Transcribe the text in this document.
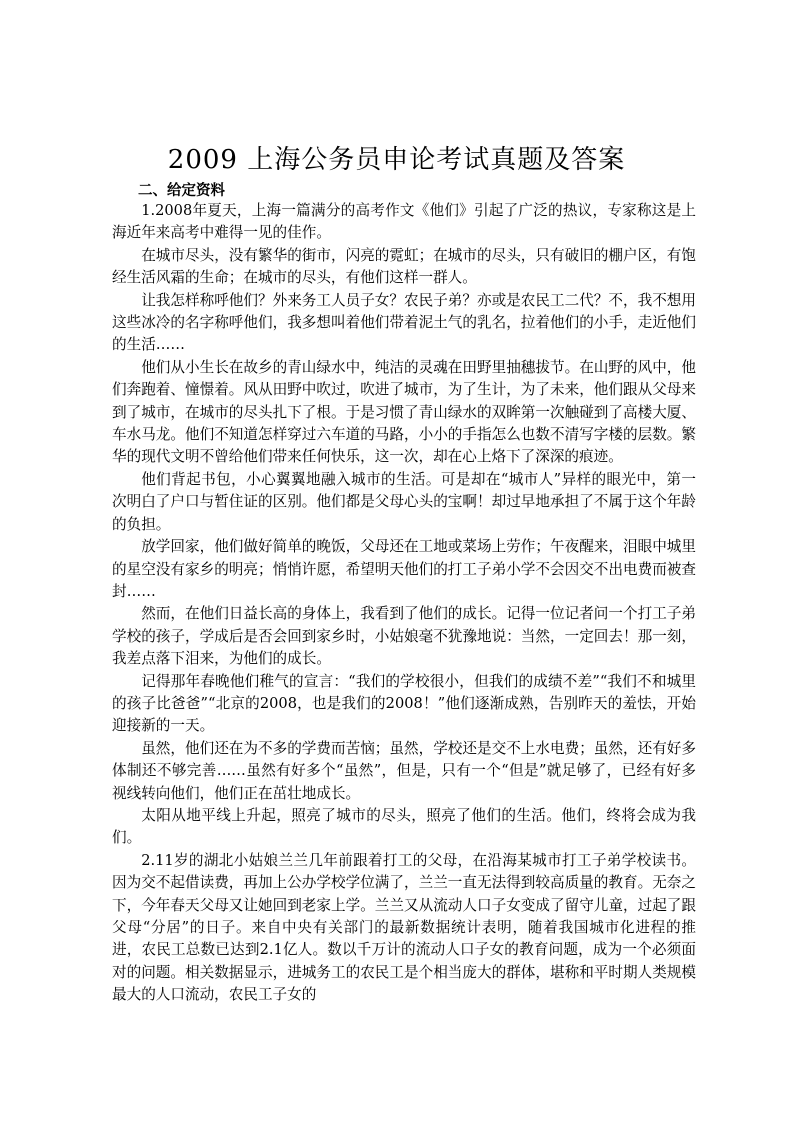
2009 上海公务员申论考试真题及答案
二、给定资料

1.2008年夏天，上海一篇满分的高考作文《他们》引起了广泛的热议，专家称这是上海近年来高考中难得一见的佳作。

在城市尽头，没有繁华的街市，闪亮的霓虹；在城市的尽头，只有破旧的棚户区，有饱经生活风霜的生命；在城市的尽头，有他们这样一群人。

让我怎样称呼他们？外来务工人员子女？农民子弟？亦或是农民工二代？不，我不想用这些冰冷的名字称呼他们，我多想叫着他们带着泥土气的乳名，拉着他们的小手，走近他们的生活……

他们从小生长在故乡的青山绿水中，纯洁的灵魂在田野里抽穗拔节。在山野的风中，他们奔跑着、憧憬着。风从田野中吹过，吹进了城市，为了生计，为了未来，他们跟从父母来到了城市，在城市的尽头扎下了根。于是习惯了青山绿水的双眸第一次触碰到了高楼大厦、车水马龙。他们不知道怎样穿过六车道的马路，小小的手指怎么也数不清写字楼的层数。繁华的现代文明不曾给他们带来任何快乐，这一次，却在心上烙下了深深的痕迹。

他们背起书包，小心翼翼地融入城市的生活。可是却在“城市人”异样的眼光中，第一次明白了户口与暂住证的区别。他们都是父母心头的宝啊！却过早地承担了不属于这个年龄的负担。

放学回家，他们做好简单的晚饭，父母还在工地或菜场上劳作；午夜醒来，泪眼中城里的星空没有家乡的明亮；悄悄许愿，希望明天他们的打工子弟小学不会因交不出电费而被查封……

然而，在他们日益长高的身体上，我看到了他们的成长。记得一位记者问一个打工子弟学校的孩子，学成后是否会回到家乡时，小姑娘毫不犹豫地说：当然，一定回去！那一刻，我差点落下泪来，为他们的成长。

记得那年春晚他们稚气的宣言：“我们的学校很小，但我们的成绩不差”“我们不和城里的孩子比爸爸”“北京的2008，也是我们的2008！”他们逐渐成熟，告别昨天的羞怯，开始迎接新的一天。

虽然，他们还在为不多的学费而苦恼；虽然，学校还是交不上水电费；虽然，还有好多体制还不够完善……虽然有好多个“虽然”，但是，只有一个“但是”就足够了，已经有好多视线转向他们，他们正在茁壮地成长。

太阳从地平线上升起，照亮了城市的尽头，照亮了他们的生活。他们，终将会成为我们。

2.11岁的湖北小姑娘兰兰几年前跟着打工的父母，在沿海某城市打工子弟学校读书。因为交不起借读费，再加上公办学校学位满了，兰兰一直无法得到较高质量的教育。无奈之下，今年春天父母又让她回到老家上学。兰兰又从流动人口子女变成了留守儿童，过起了跟父母“分居”的日子。来自中央有关部门的最新数据统计表明，随着我国城市化进程的推进，农民工总数已达到2.1亿人。数以千万计的流动人口子女的教育问题，成为一个必须面对的问题。相关数据显示，进城务工的农民工是个相当庞大的群体，堪称和平时期人类规模最大的人口流动，农民工子女的
